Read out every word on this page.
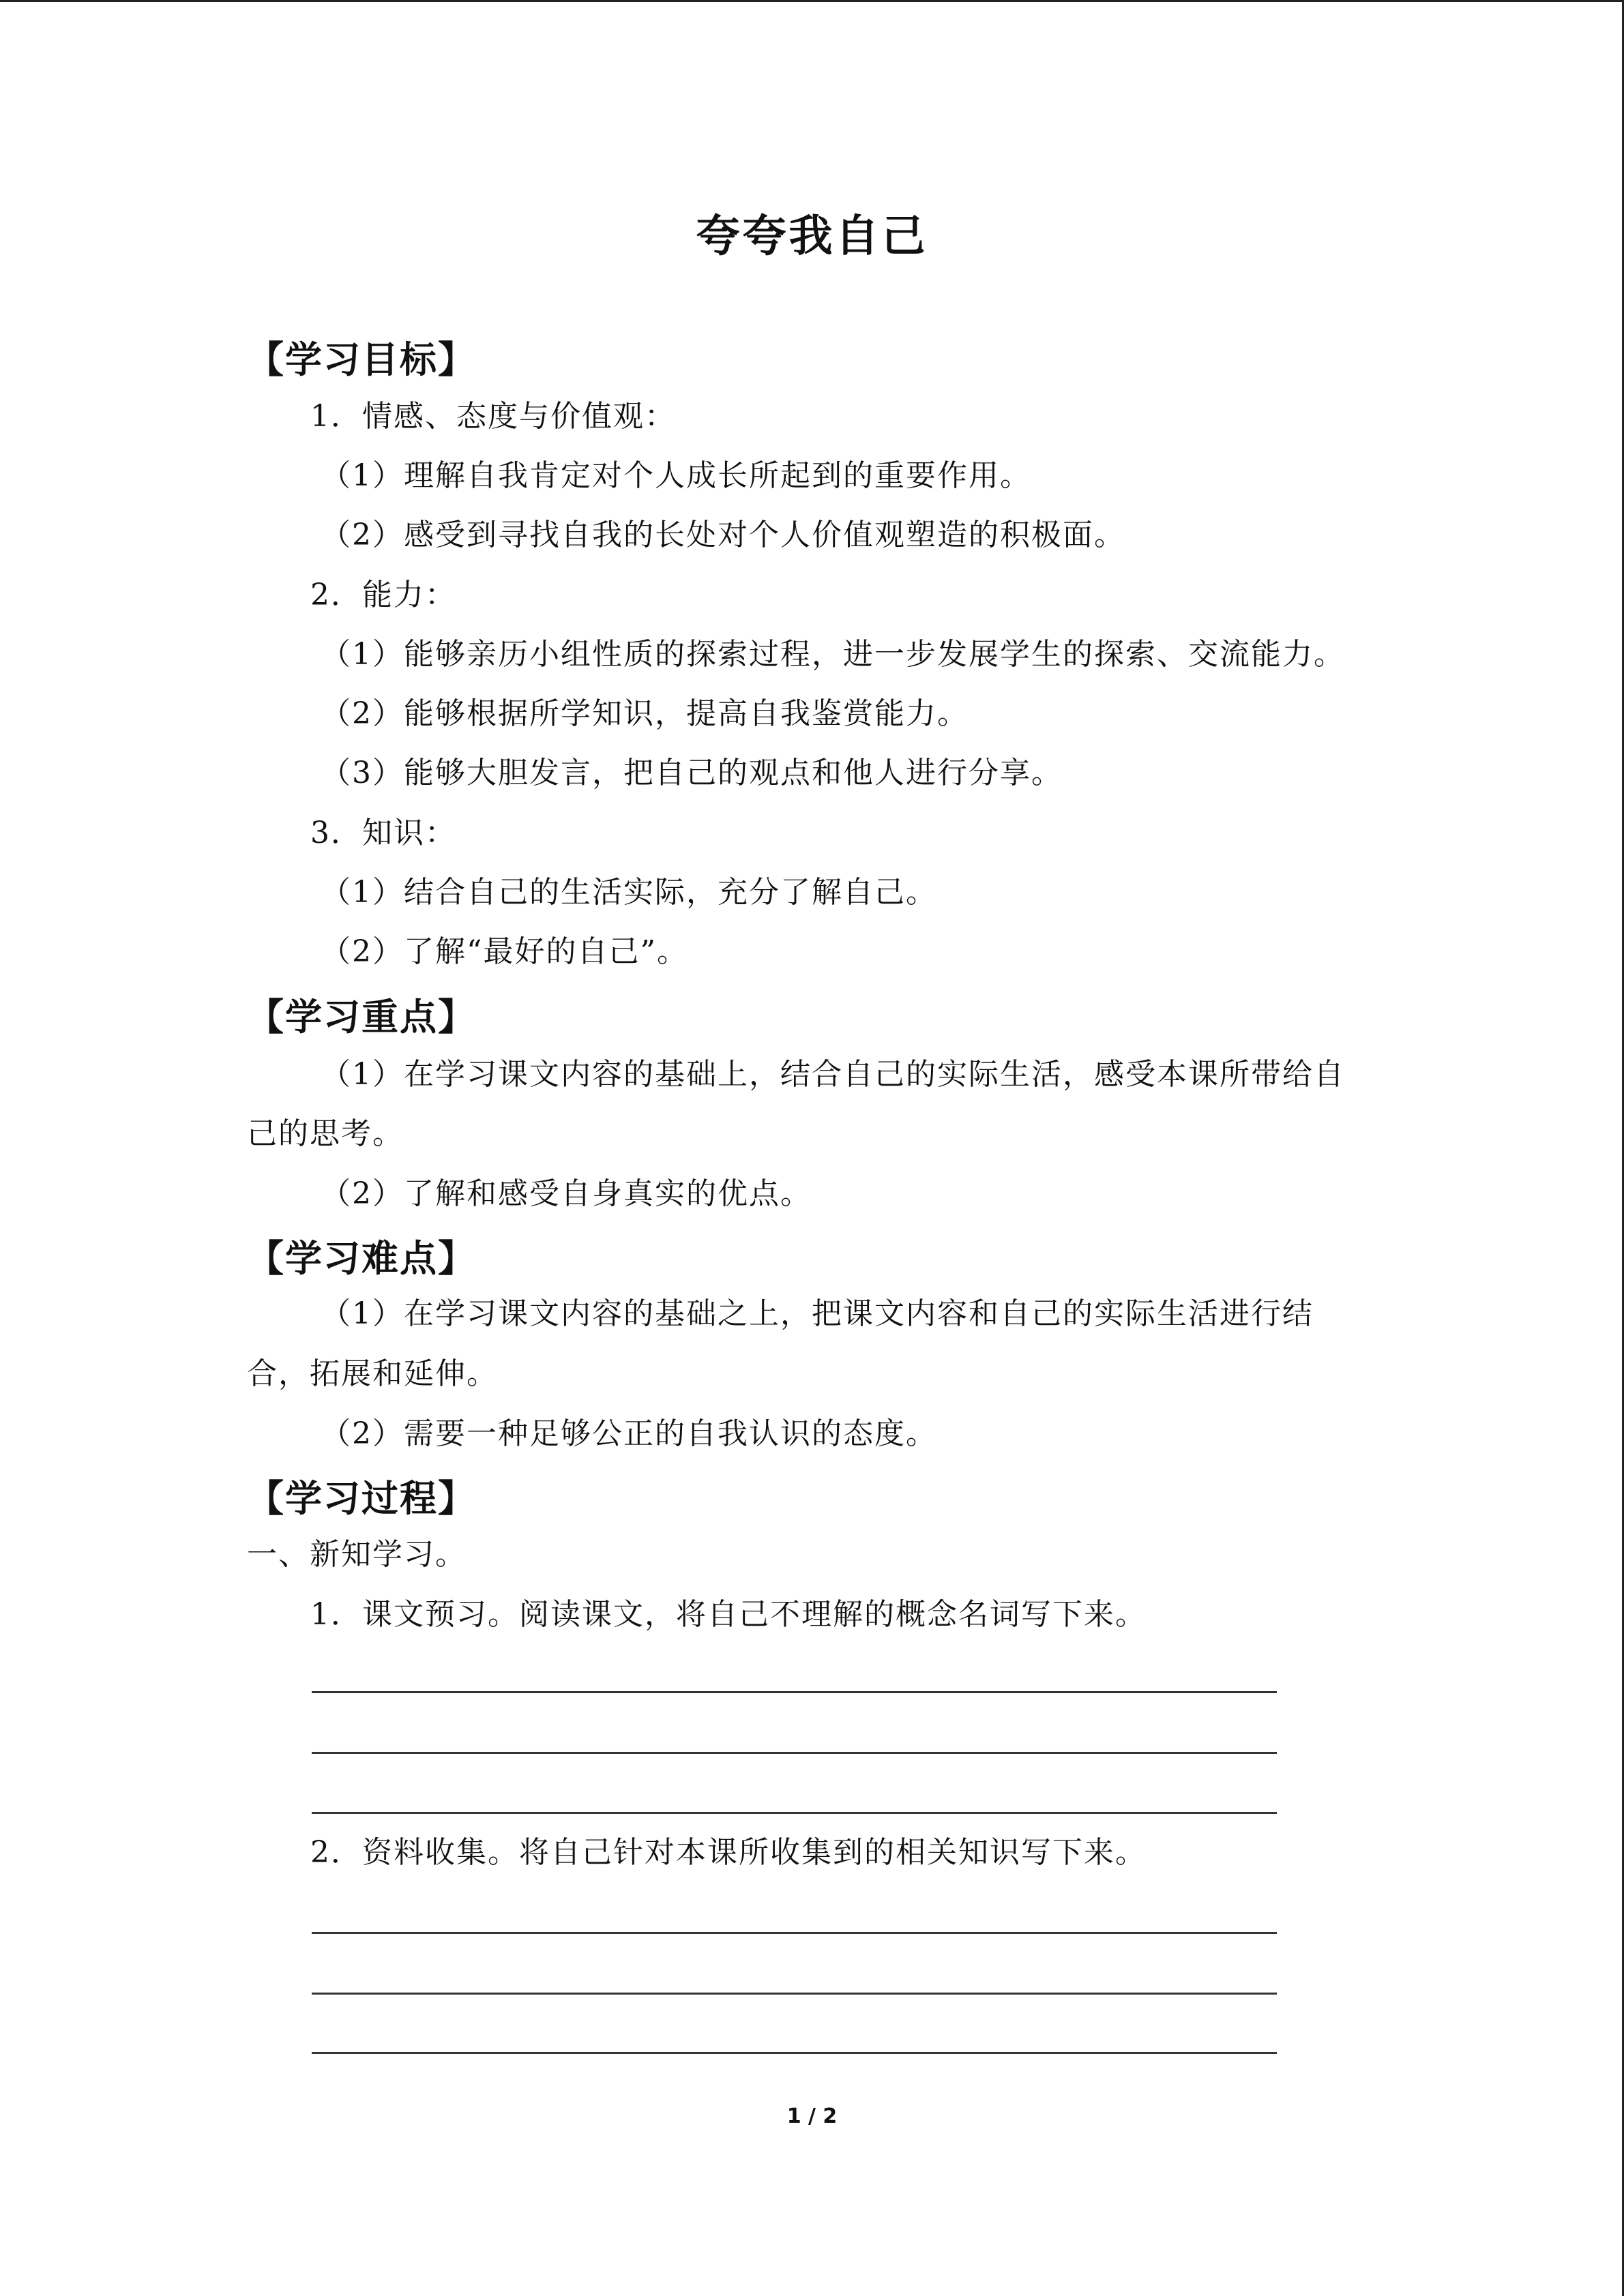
夸夸我自己
【学习目标】
1．情感、态度与价值观：
（1）理解自我肯定对个人成长所起到的重要作用。
（2）感受到寻找自我的长处对个人价值观塑造的积极面。
2．能力：
（1）能够亲历小组性质的探索过程，进一步发展学生的探索、交流能力。
（2）能够根据所学知识，提高自我鉴赏能力。
（3）能够大胆发言，把自己的观点和他人进行分享。
3．知识：
（1）结合自己的生活实际，充分了解自己。
（2）了解“最好的自己”。
【学习重点】
（1）在学习课文内容的基础上，结合自己的实际生活，感受本课所带给自
己的思考。
（2）了解和感受自身真实的优点。
【学习难点】
（1）在学习课文内容的基础之上，把课文内容和自己的实际生活进行结
合，拓展和延伸。
（2）需要一种足够公正的自我认识的态度。
【学习过程】
一、新知学习。
1．课文预习。阅读课文，将自己不理解的概念名词写下来。
2．资料收集。将自己针对本课所收集到的相关知识写下来。
1 / 2
